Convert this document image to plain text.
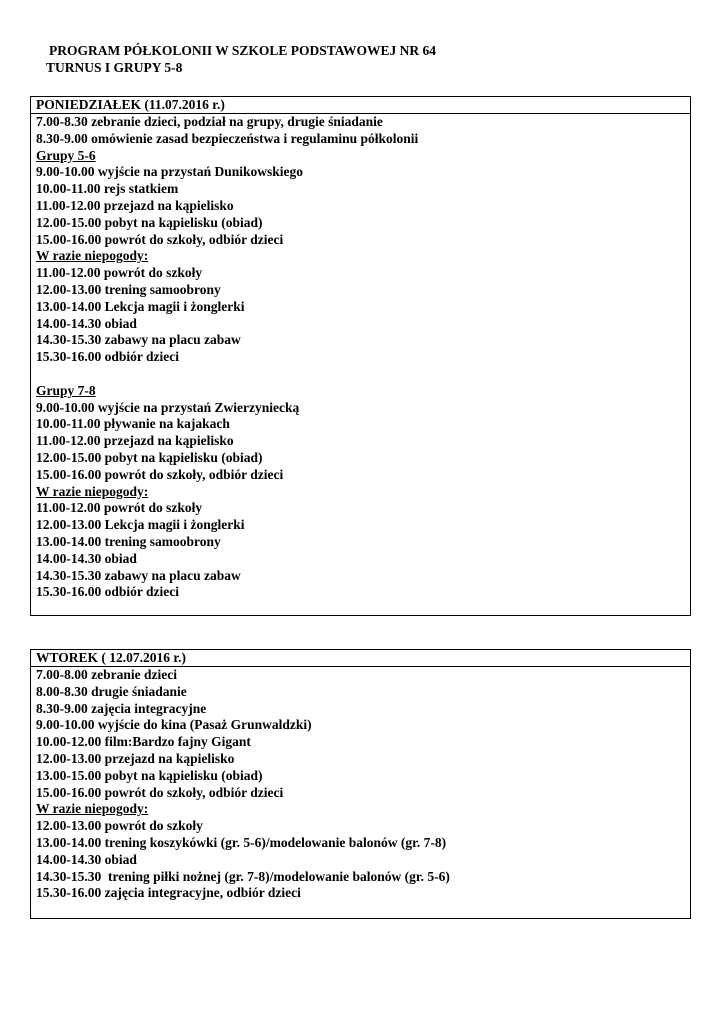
PROGRAM PÓŁKOLONII W SZKOLE PODSTAWOWEJ NR 64
TURNUS I GRUPY 5-8
PONIEDZIAŁEK (11.07.2016 r.)
7.00-8.30 zebranie dzieci, podział na grupy, drugie śniadanie
8.30-9.00 omówienie zasad bezpieczeństwa i regulaminu półkolonii
Grupy 5-6
9.00-10.00 wyjście na przystań Dunikowskiego
10.00-11.00 rejs statkiem
11.00-12.00 przejazd na kąpielisko
12.00-15.00 pobyt na kąpielisku (obiad)
15.00-16.00 powrót do szkoły, odbiór dzieci
W razie niepogody:
11.00-12.00 powrót do szkoły
12.00-13.00 trening samoobrony
13.00-14.00 Lekcja magii i żonglerki
14.00-14.30 obiad
14.30-15.30 zabawy na placu zabaw
15.30-16.00 odbiór dzieci
Grupy 7-8
9.00-10.00 wyjście na przystań Zwierzyniecką
10.00-11.00 pływanie na kajakach
11.00-12.00 przejazd na kąpielisko
12.00-15.00 pobyt na kąpielisku (obiad)
15.00-16.00 powrót do szkoły, odbiór dzieci
W razie niepogody:
11.00-12.00 powrót do szkoły
12.00-13.00 Lekcja magii i żonglerki
13.00-14.00 trening samoobrony
14.00-14.30 obiad
14.30-15.30 zabawy na placu zabaw
15.30-16.00 odbiór dzieci
WTOREK ( 12.07.2016 r.)
7.00-8.00 zebranie dzieci
8.00-8.30 drugie śniadanie
8.30-9.00 zajęcia integracyjne
9.00-10.00 wyjście do kina (Pasaż Grunwaldzki)
10.00-12.00 film:Bardzo fajny Gigant
12.00-13.00 przejazd na kąpielisko
13.00-15.00 pobyt na kąpielisku (obiad)
15.00-16.00 powrót do szkoły, odbiór dzieci
W razie niepogody:
12.00-13.00 powrót do szkoły
13.00-14.00 trening koszykówki (gr. 5-6)/modelowanie balonów (gr. 7-8)
14.00-14.30 obiad
14.30-15.30  trening piłki nożnej (gr. 7-8)/modelowanie balonów (gr. 5-6)
15.30-16.00 zajęcia integracyjne, odbiór dzieci
